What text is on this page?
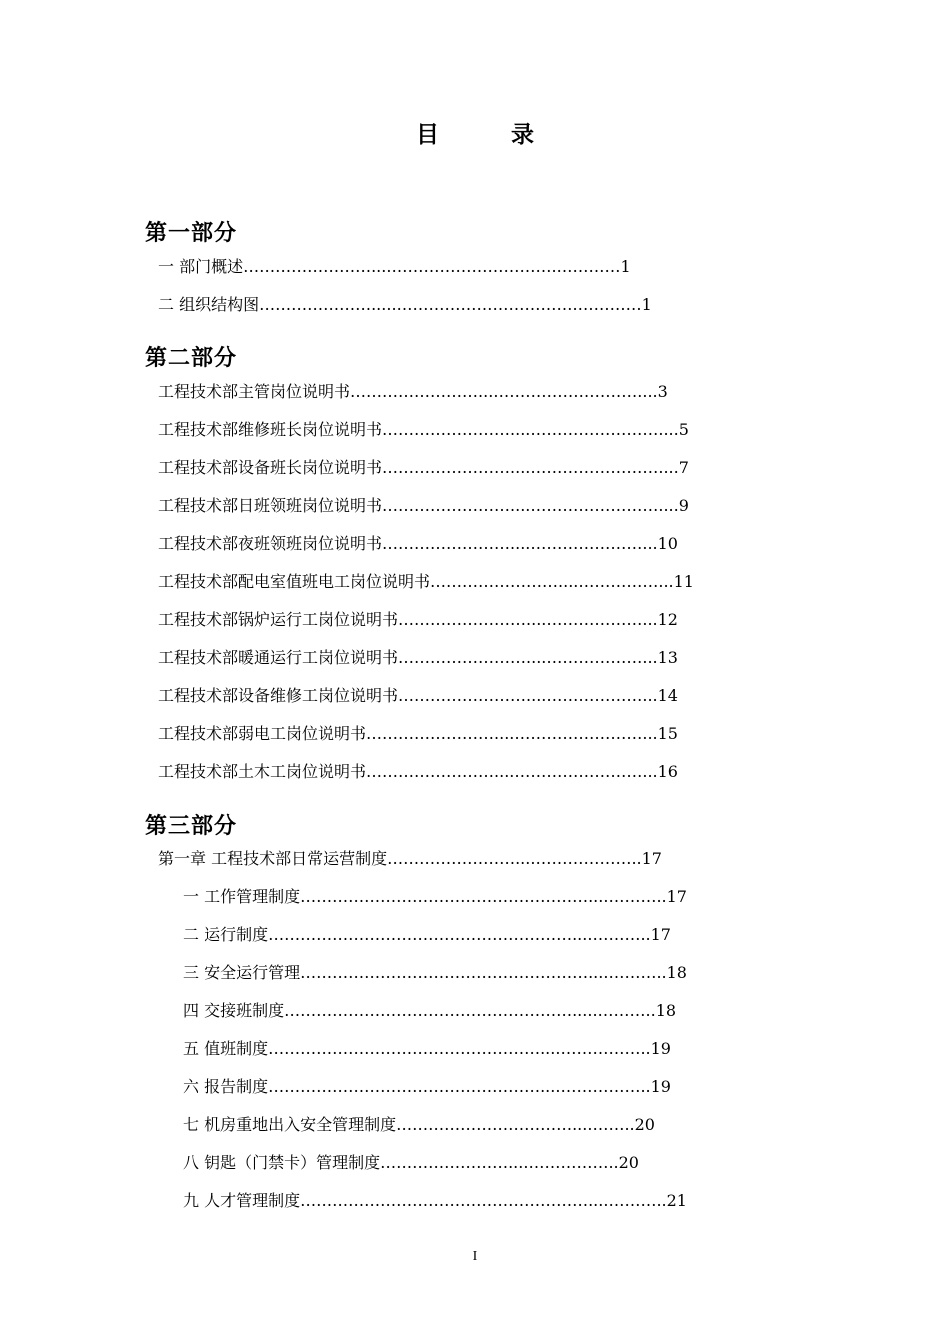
目	录
第一部分
一 部门概述……………………....………………………….…………1
二 组织结构图………………….....…………………………….…………1
第二部分
工程技术部主管岗位说明书……………………...………………………....3
工程技术部维修班长岗位说明书……………………....……………………....5
工程技术部设备班长岗位说明书……………………....……………………....7
工程技术部日班领班岗位说明书……………………....……………………....9
工程技术部夜班领班岗位说明书……………………....…………………...10
工程技术部配电室值班电工岗位说明书……………………....……………...11
工程技术部锅炉运行工岗位说明书……………………....………………...12
工程技术部暖通运行工岗位说明书……………………....………………...13
工程技术部设备维修工岗位说明书……………………....………………...14
工程技术部弱电工岗位说明书……………………....……………………...15
工程技术部土木工岗位说明书……………………....……………………...16
第三部分
第一章 工程技术部日常运营制度……………………....………………..17
一 工作管理制度………………………………………………....………..17
二 运行制度…………………………………………………....………..17
三 安全运行管理………………………………………………....………..18
四 交接班制度……………………………………………….....………..18
五 值班制度……………………………………………....……………..19
六 报告制度……………………………………………....……………..19
七 机房重地出入安全管理制度……………………………....……..20
八 钥匙（门禁卡）管理制度……………………....……………..20
九 人才管理制度………………………………………………....………..21
I
